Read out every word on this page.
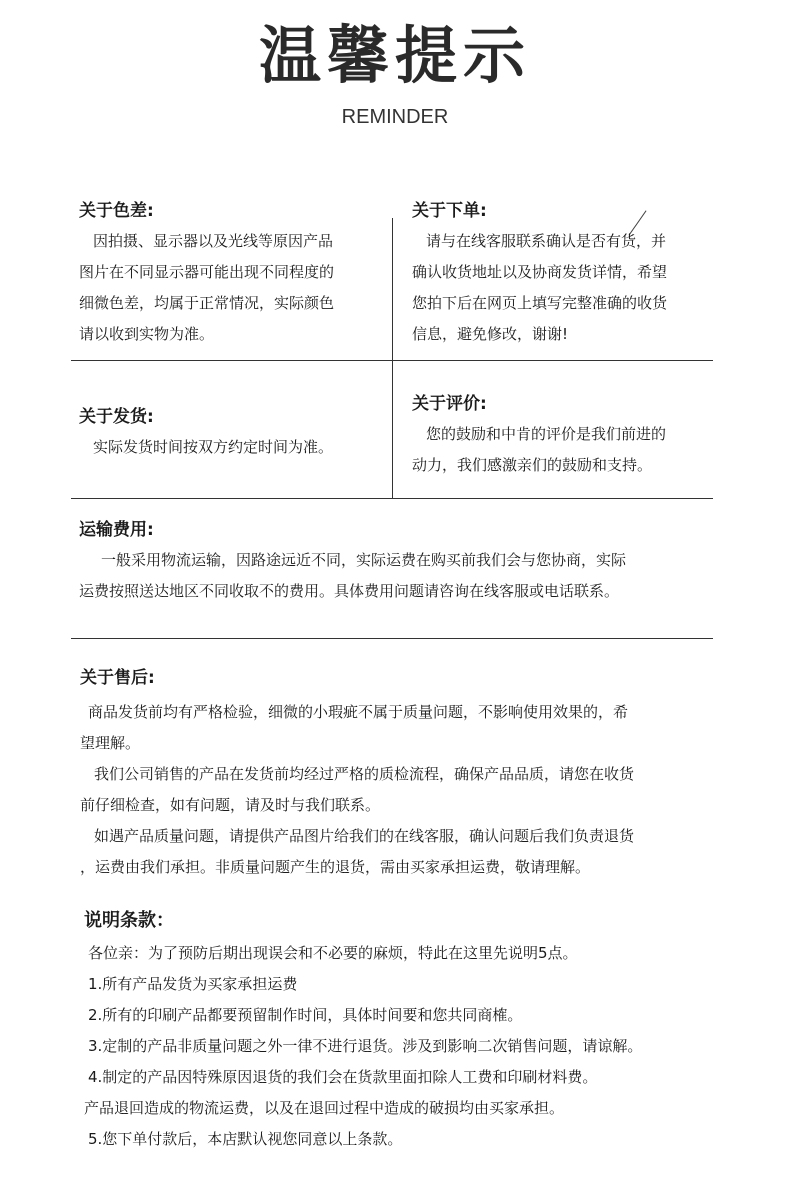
温馨提示
REMINDER
关于色差:
因拍摄、显示器以及光线等原因产品
图片在不同显示器可能出现不同程度的
细微色差，均属于正常情况，实际颜色
请以收到实物为准。
关于下单:
请与在线客服联系确认是否有货，并
确认收货地址以及协商发货详情，希望
您拍下后在网页上填写完整准确的收货
信息，避免修改，谢谢!
关于发货:
实际发货时间按双方约定时间为准。
关于评价:
您的鼓励和中肯的评价是我们前进的
动力，我们感激亲们的鼓励和支持。
运输费用:
一般采用物流运输，因路途远近不同，实际运费在购买前我们会与您协商，实际
运费按照送达地区不同收取不的费用。具体费用问题请咨询在线客服或电话联系。
关于售后:
商品发货前均有严格检验，细微的小瑕疵不属于质量问题，不影响使用效果的，希
望理解。
我们公司销售的产品在发货前均经过严格的质检流程，确保产品品质，请您在收货
前仔细检查，如有问题，请及时与我们联系。
如遇产品质量问题，请提供产品图片给我们的在线客服，确认问题后我们负责退货
，运费由我们承担。非质量问题产生的退货，需由买家承担运费，敬请理解。
说明条款：
各位亲：为了预防后期出现误会和不必要的麻烦，特此在这里先说明5点。
1.所有产品发货为买家承担运费
2.所有的印刷产品都要预留制作时间，具体时间要和您共同商榷。
3.定制的产品非质量问题之外一律不进行退货。涉及到影响二次销售问题，请谅解。
4.制定的产品因特殊原因退货的我们会在货款里面扣除人工费和印刷材料费。
产品退回造成的物流运费，以及在退回过程中造成的破损均由买家承担。
5.您下单付款后，本店默认视您同意以上条款。
